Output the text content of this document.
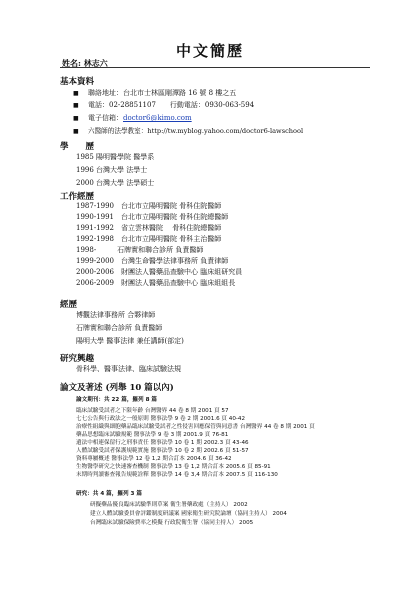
中文簡歷
姓名: 林志六
基本資料
■ 聯絡地址：台北市士林區剛潭路 16 號 8 樓之五
■ 電話：02-28851107　　行動電話：0930-063-594
■ 電子信箱：doctor6@kimo.com
■ 六醫師的法學教室：http://tw.myblog.yahoo.com/doctor6-lawschool
學　　歷
1985 陽明醫學院 醫學系
1996 台灣大學 法學士
2000 台灣大學 法學碩士
工作經歷
1987-1990　台北市立陽明醫院 骨科住院醫師
1990-1991　台北市立陽明醫院 骨科住院總醫師
1991-1992　省立雲林醫院　 骨科住院總醫師
1992-1998　台北市立陽明醫院 骨科主治醫師
1998-　　　石牌實和聯合診所 負責醫師
1999-2000　台灣生命醫學法律事務所 負責律師
2000-2006　財團法人醫藥品查驗中心 臨床組研究員
2006-2009　財團法人醫藥品查驗中心 臨床組組長
經歷
博觀法律事務所 合夥律師
石牌實和聯合診所 負責醫師
陽明大學 醫事法律 兼任講師(部定)
研究興趣
骨科學、醫事法律、臨床試驗法規
論文及著述 (列舉 10 篇以內)
論文期刊：共 22 篇，羅列 8 篇
臨床試驗受試者之下限年齡 台灣醫界 44 卷 8 期 2001 頁 57
七七公告與行政法之一般原則 醫事法學 9 卷 2 期 2001.6 頁 40-42
治療性組織與細胞藥品臨床試驗受試者之性侵害回應保管與同意書 台灣醫界 44 卷 8 期 2001 頁
藥品思想臨床試驗規範 醫事法學 9 卷 3 期 2001.9 頁 76-81
遺法中相連保留行之刑事責任 醫事法學 10 卷 1 期 2002.3 頁 43-46
人體試驗受試者保護規範實施 醫事法學 10 卷 2 期 2002.6 頁 51-57
資料專屬概述 醫事法學 12 卷 1,2 期合訂本 2004.6 頁 36-42
生物醫學研究之快速審查機制 醫事法學 13 卷 1,2 期合訂本 2005.6 頁 85-91
末期時判讀審查報告規範詮釋 醫事法學 14 卷 3,4 期合訂本 2007.5 頁 116-130
研究：共 4 篇，羅列 3 篇
研擬藥品優良臨床試驗準則草案 衛生署藥政處（主持人） 2002
建立人體試驗委員會評鑑制度研議案 國家衛生研究院論壇（協同主持人） 2004
台灣臨床試驗保險費率之模擬 行政院衛生署（協同主持人） 2005
